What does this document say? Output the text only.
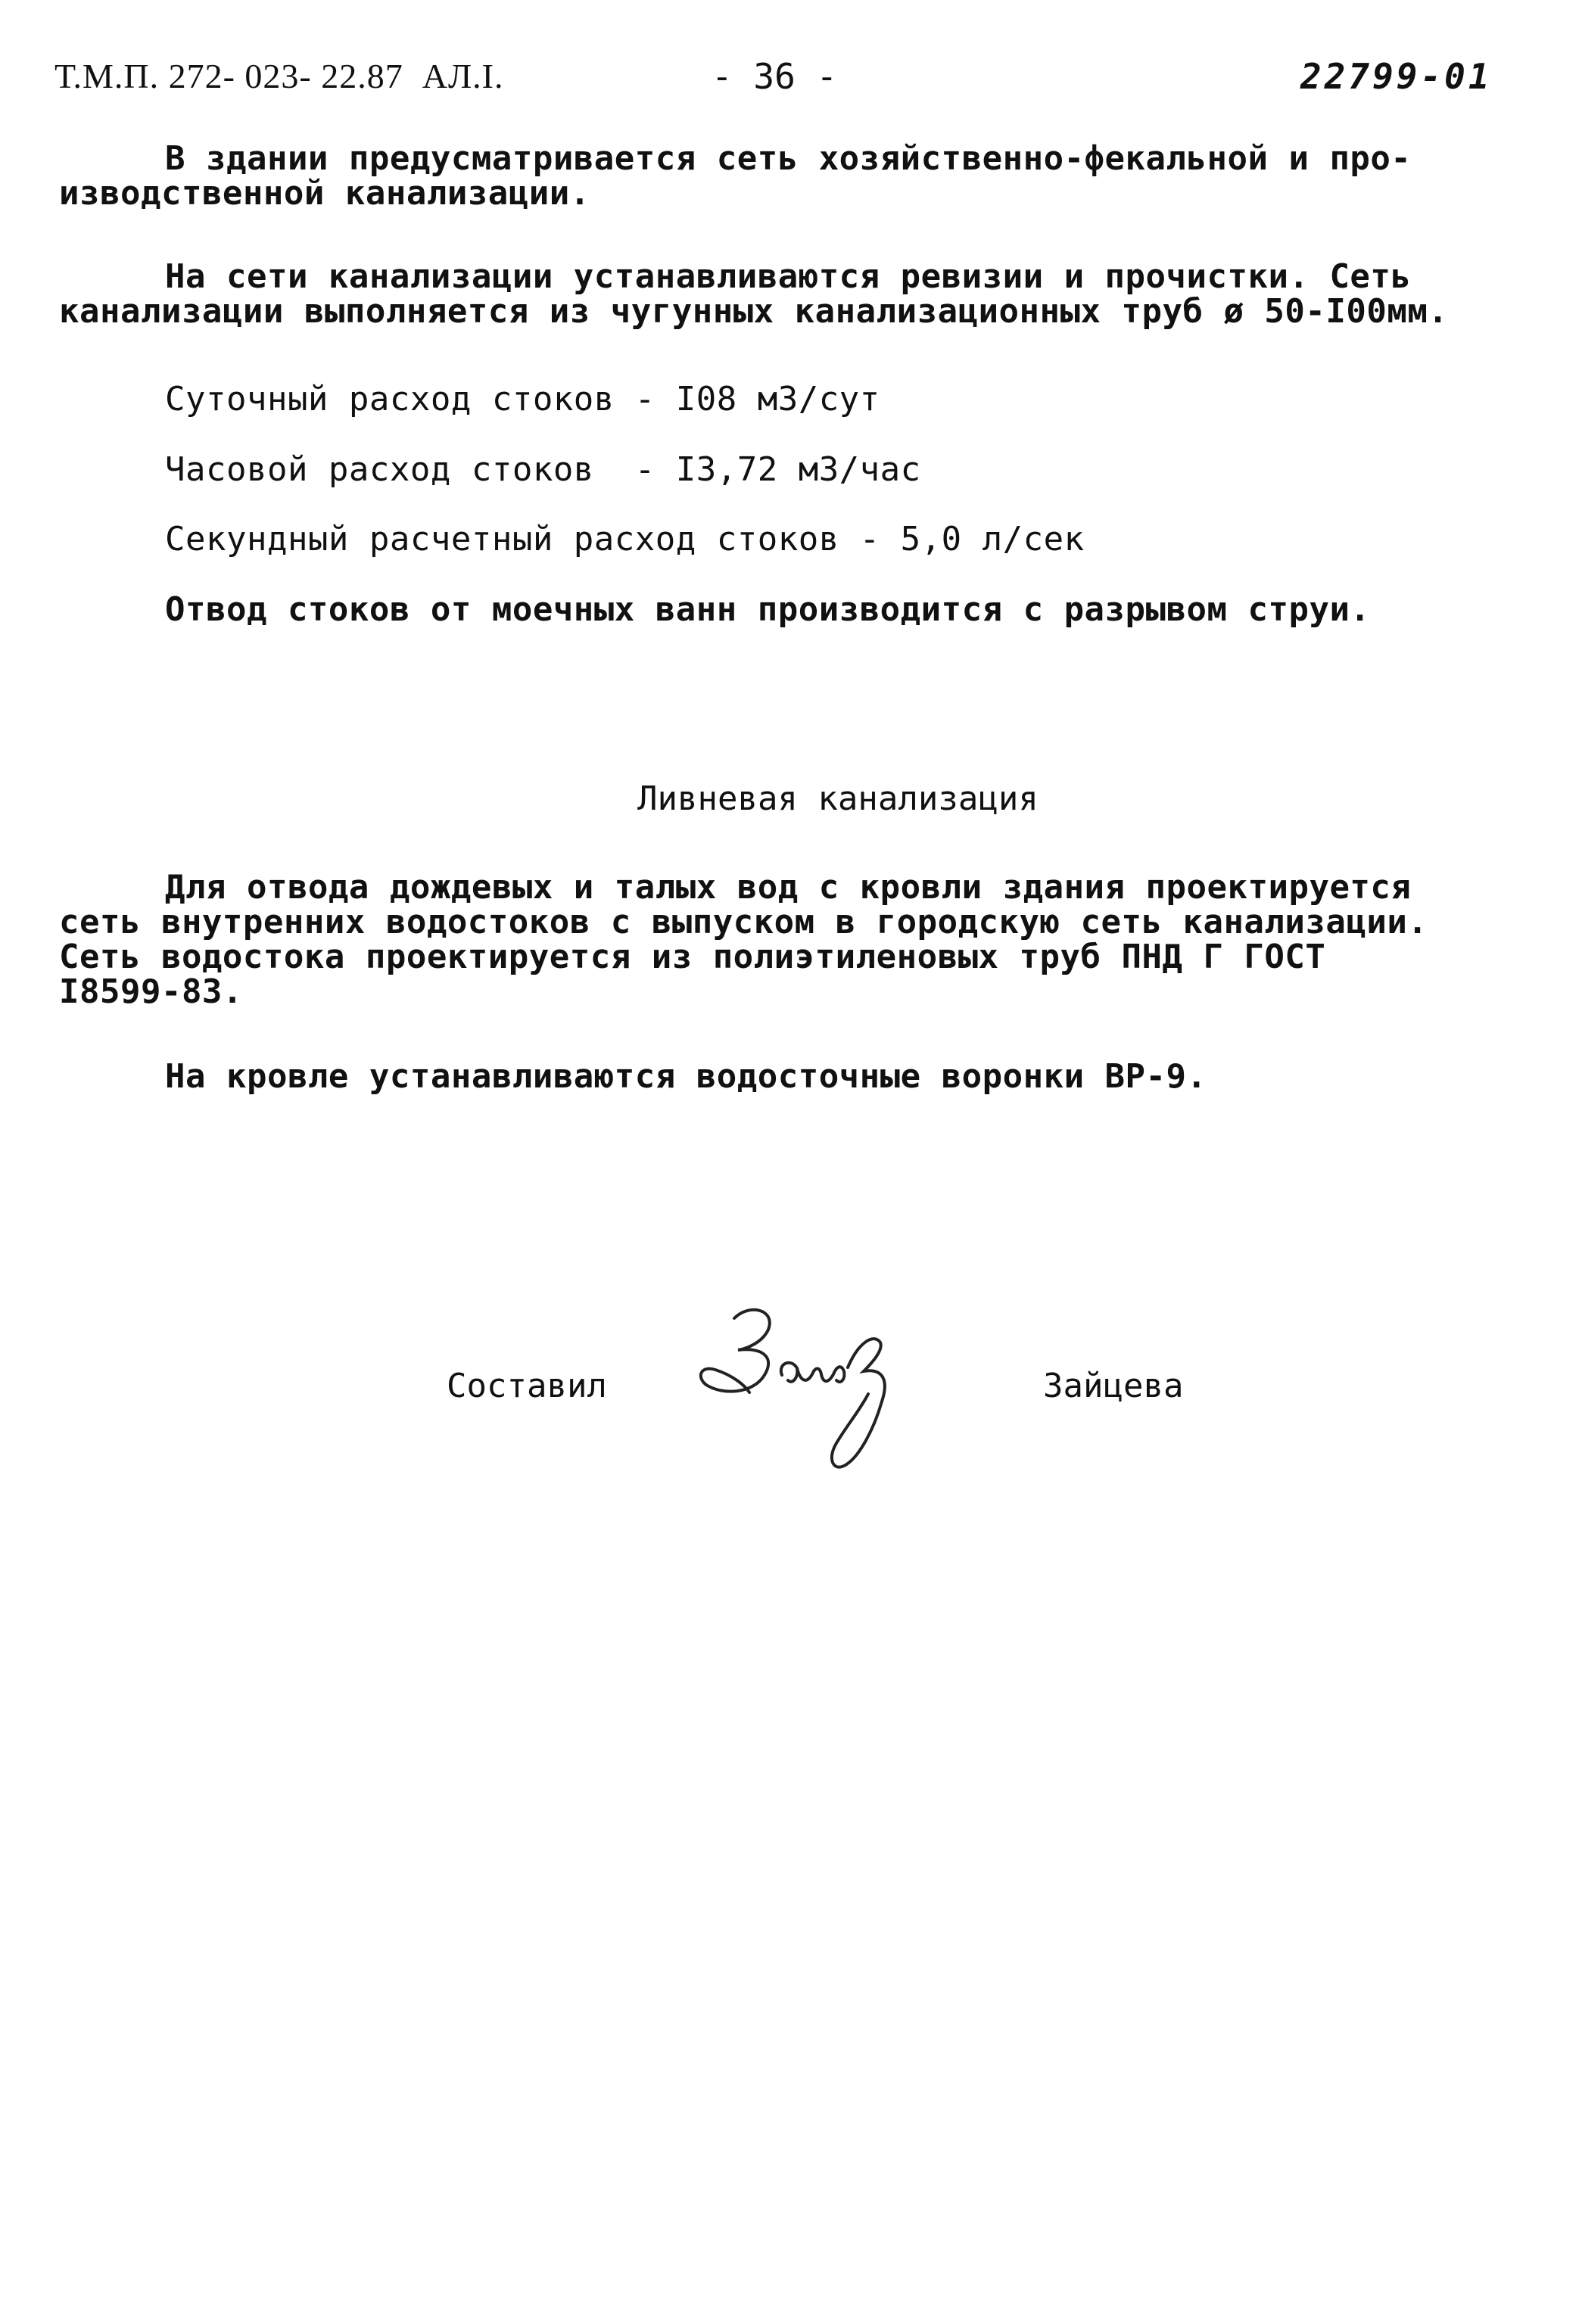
Т.М.П. 272- 023- 22.87  АЛ.I.	- 36 -	22799-01
В здании предусматривается сеть хозяйственно-фекальной и про-
изводственной канализации.
На сети канализации устанавливаются ревизии и прочистки. Сеть
канализации выполняется из чугунных канализационных труб ø 50-I00мм.
Суточный расход стоков - I08 м3/сут
Часовой расход стоков  - I3,72 м3/час
Секундный расчетный расход стоков - 5,0 л/сек
Отвод стоков от моечных ванн производится с разрывом струи.
Ливневая канализация
Для отвода дождевых и талых вод с кровли здания проектируется
сеть внутренних водостоков с выпуском в городскую сеть канализации.
Сеть водостока проектируется из полиэтиленовых труб ПНД Г ГОСТ
I8599-83.
На кровле устанавливаются водосточные воронки ВР-9.
Составил	Зайцева
